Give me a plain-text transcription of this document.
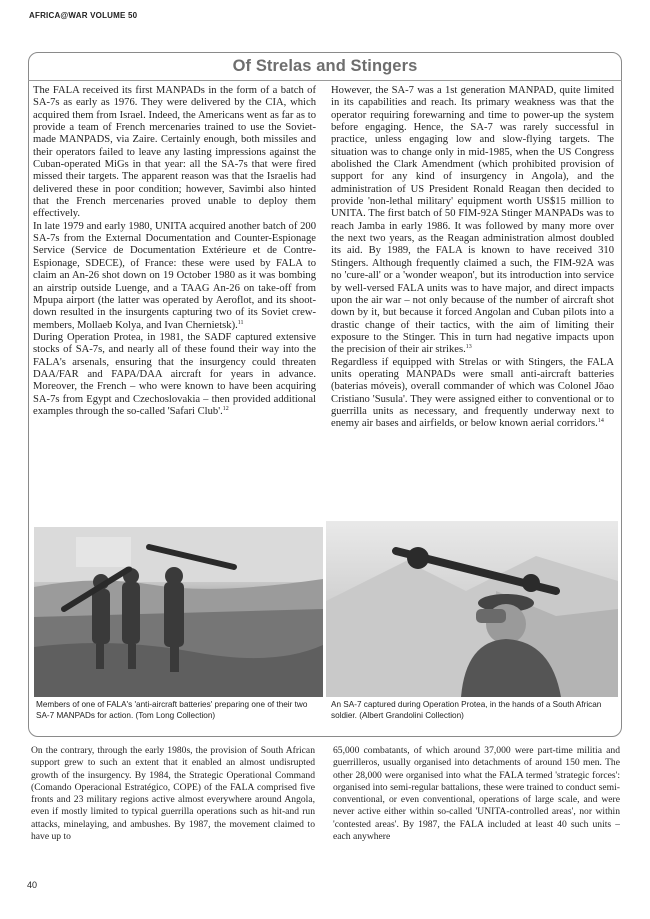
AFRICA@WAR VOLUME 50
Of Strelas and Stingers

The FALA received its first MANPADs in the form of a batch of SA-7s as early as 1976. They were delivered by the CIA, which acquired them from Israel. Indeed, the Americans went as far as to provide a team of French mercenaries trained to use the Soviet-made MANPADS, via Zaire. Certainly enough, both missiles and their operators failed to leave any lasting impressions against the Cuban-operated MiGs in that year: all the SA-7s that were fired missed their targets. The apparent reason was that the Israelis had delivered these in poor condition; however, Savimbi also hinted that the French mercenaries proved unable to deploy them effectively.

In late 1979 and early 1980, UNITA acquired another batch of 200 SA-7s from the External Documentation and Counter-Espionage Service (Service de Documentation Extérieure et de Contre-Espionage, SDECE), of France: these were used by FALA to claim an An-26 shot down on 19 October 1980 as it was bombing an airstrip outside Luenge, and a TAAG An-26 on take-off from Mpupa airport (the latter was operated by Aeroflot, and its shoot-down resulted in the insurgents capturing two of its Soviet crew-members, Mollaeb Kolya, and Ivan Chernietsk).$^{11}$

During Operation Protea, in 1981, the SADF captured extensive stocks of SA-7s, and nearly all of these found their way into the FALA's arsenals, ensuring that the insurgency could threaten DAA/FAR and FAPA/DAA aircraft for years in advance. Moreover, the French – who were known to have been acquiring SA-7s from Egypt and Czechoslovakia – then provided additional examples through the so-called 'Safari Club'.$^{12}$

However, the SA-7 was a 1st generation MANPAD, quite limited in its capabilities and reach. Its primary weakness was that the operator requiring forewarning and time to power-up the system before engaging. Hence, the SA-7 was rarely successful in practice, unless engaging low and slow-flying targets. The situation was to change only in mid-1985, when the US Congress abolished the Clark Amendment (which prohibited provision of support for any kind of insurgency in Angola), and the administration of US President Ronald Reagan then decided to provide 'non-lethal military' equipment worth US$15 million to UNITA. The first batch of 50 FIM-92A Stinger MANPADs was to reach Jamba in early 1986. It was followed by many more over the next two years, as the Reagan administration almost doubled its aid. By 1989, the FALA is known to have received 310 Stingers. Although frequently claimed a such, the FIM-92A was no 'cure-all' or a 'wonder weapon', but its introduction into service by well-versed FALA units was to have major, and direct impacts upon the air war – not only because of the number of aircraft shot down by it, but because it forced Angolan and Cuban pilots into a drastic change of their tactics, with the aim of limiting their exposure to the Stinger. This in turn had negative impacts upon the precision of their air strikes.$^{13}$

Regardless if equipped with Strelas or with Stingers, the FALA units operating MANPADs were small anti-aircraft batteries (baterias móveis), overall commander of which was Colonel Jǒao Cristiano 'Susula'. They were assigned either to conventional or to guerrilla units as necessary, and frequently underway next to enemy air bases and airfields, or below known aerial corridors.$^{14}$

Members of one of FALA's 'anti-aircraft batteries' preparing one of their two SA-7 MANPADs for action. (Tom Long Collection)
An SA-7 captured during Operation Protea, in the hands of a South African soldier. (Albert Grandolini Collection)

On the contrary, through the early 1980s, the provision of South African support grew to such an extent that it enabled an almost undisrupted growth of the insurgency. By 1984, the Strategic Operational Command (Comando Operacional Estratégico, COPE) of the FALA comprised five fronts and 23 military regions active almost everywhere around Angola, even if mostly limited to typical guerrilla operations such as hit-and run attacks, minelaying, and ambushes. By 1987, the movement claimed to have up to

65,000 combatants, of which around 37,000 were part-time militia and guerrilleros, usually organised into detachments of around 150 men. The other 28,000 were organised into what the FALA termed 'strategic forces': organised into semi-regular battalions, these were trained to conduct semi-conventional, or even conventional, operations of large scale, and were never active either within so-called 'UNITA-controlled areas', nor within 'contested areas'. By 1987, the FALA included at least 40 such units – each anywhere

40
